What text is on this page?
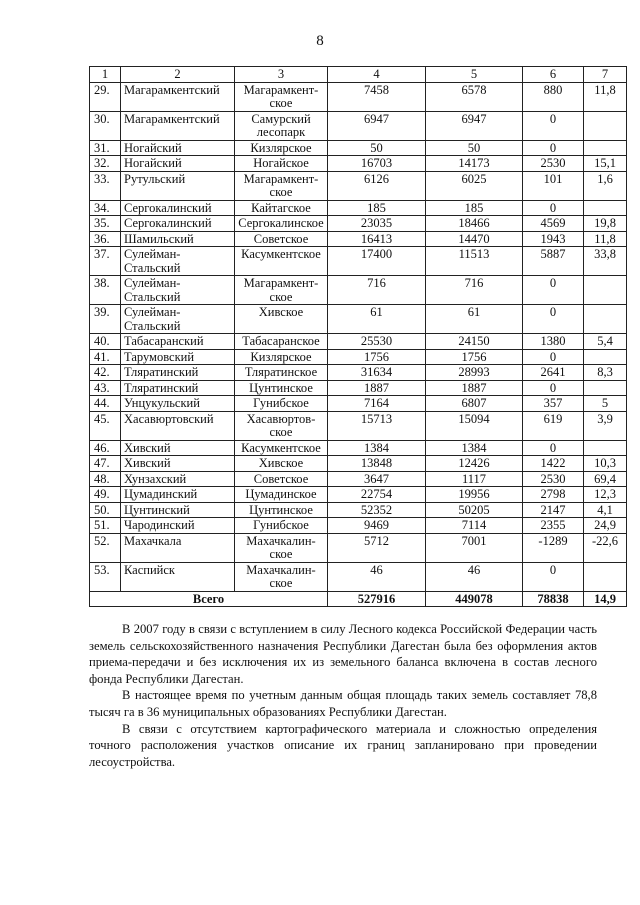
8
1	2	3	4	5	6	7
29.	Магарамкентский	Магарамкент-ское	7458	6578	880	11,8
30.	Магарамкентский	Самурский лесопарк	6947	6947	0	
31.	Ногайский	Кизлярское	50	50	0	
32.	Ногайский	Ногайское	16703	14173	2530	15,1
33.	Рутульский	Магарамкент-ское	6126	6025	101	1,6
34.	Сергокалинский	Кайтагское	185	185	0	
35.	Сергокалинский	Сергокалинское	23035	18466	4569	19,8
36.	Шамильский	Советское	16413	14470	1943	11,8
37.	Сулейман-Стальский	Касумкентское	17400	11513	5887	33,8
38.	Сулейман-Стальский	Магарамкент-ское	716	716	0	
39.	Сулейман-Стальский	Хивское	61	61	0	
40.	Табасаранский	Табасаранское	25530	24150	1380	5,4
41.	Тарумовский	Кизлярское	1756	1756	0	
42.	Тляратинский	Тляратинское	31634	28993	2641	8,3
43.	Тляратинский	Цунтинское	1887	1887	0	
44.	Унцукульский	Гунибское	7164	6807	357	5
45.	Хасавюртовский	Хасавюртов-ское	15713	15094	619	3,9
46.	Хивский	Касумкентское	1384	1384	0	
47.	Хивский	Хивское	13848	12426	1422	10,3
48.	Хунзахский	Советское	3647	1117	2530	69,4
49.	Цумадинский	Цумадинское	22754	19956	2798	12,3
50.	Цунтинский	Цунтинское	52352	50205	2147	4,1
51.	Чародинский	Гунибское	9469	7114	2355	24,9
52.	Махачкала	Махачкалин-ское	5712	7001	-1289	-22,6
53.	Каспийск	Махачкалин-ское	46	46	0	
Всего			527916	449078	78838	14,9

В 2007 году в связи с вступлением в силу Лесного кодекса Российской Федерации часть земель сельскохозяйственного назначения Республики Дагестан была без оформления актов приема-передачи и без исключения их из земельного баланса включена в состав лесного фонда Республики Дагестан.

В настоящее время по учетным данным общая площадь таких земель составляет 78,8 тысяч га в 36 муниципальных образованиях Республики Дагестан.

В связи с отсутствием картографического материала и сложностью определения точного расположения участков описание их границ запланировано при проведении лесоустройства.
